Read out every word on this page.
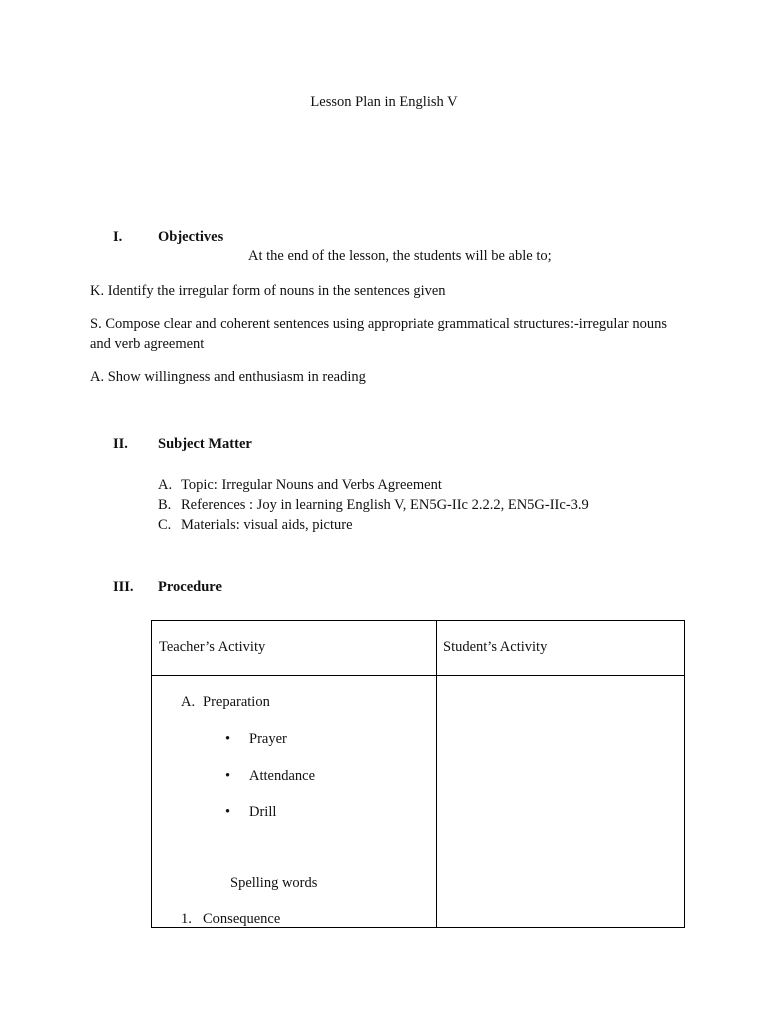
Lesson Plan in English V
I. Objectives
At the end of the lesson, the students will be able to;
K. Identify the irregular form of nouns in the sentences given
S. Compose clear and coherent sentences using appropriate grammatical structures:-irregular nouns and verb agreement
A. Show willingness and enthusiasm in reading
II. Subject Matter
A. Topic: Irregular Nouns and Verbs Agreement
B. References : Joy in learning English V, EN5G-IIc 2.2.2, EN5G-IIc-3.9
C. Materials: visual aids, picture
III. Procedure
Teacher’s Activity	Student’s Activity
A. Preparation
• Prayer
• Attendance
• Drill
Spelling words
1. Consequence
